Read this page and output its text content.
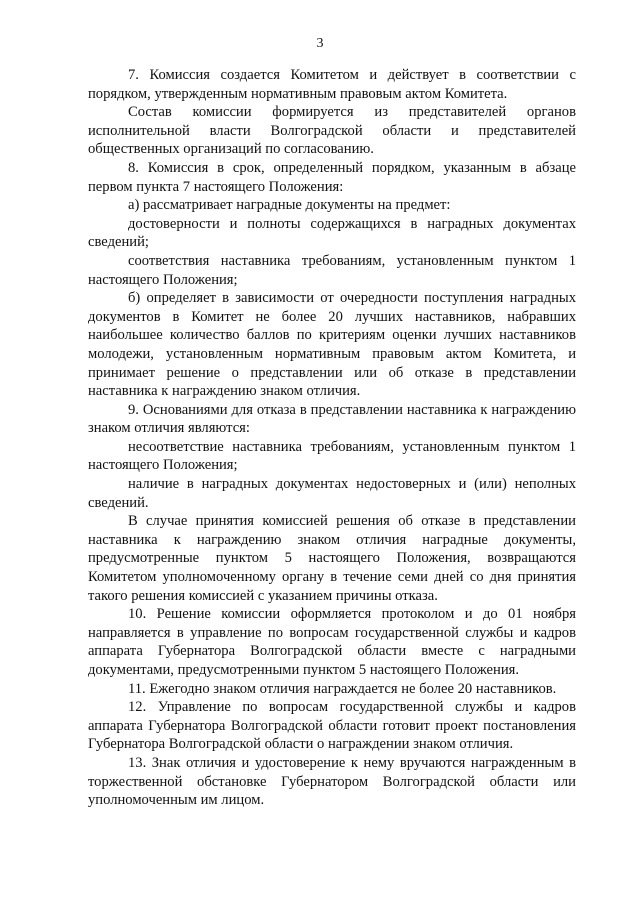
3

7. Комиссия создается Комитетом и действует в соответствии с порядком, утвержденным нормативным правовым актом Комитета.

Состав комиссии формируется из представителей органов исполнительной власти Волгоградской области и представителей общественных организаций по согласованию.

8. Комиссия в срок, определенный порядком, указанным в абзаце первом пункта 7 настоящего Положения:

а) рассматривает наградные документы на предмет:

достоверности и полноты содержащихся в наградных документах сведений;

соответствия наставника требованиям, установленным пунктом 1 настоящего Положения;

б) определяет в зависимости от очередности поступления наградных документов в Комитет не более 20 лучших наставников, набравших наибольшее количество баллов по критериям оценки лучших наставников молодежи, установленным нормативным правовым актом Комитета, и принимает решение о представлении или об отказе в представлении наставника к награждению знаком отличия.

9. Основаниями для отказа в представлении наставника к награждению знаком отличия являются:

несоответствие наставника требованиям, установленным пунктом 1 настоящего Положения;

наличие в наградных документах недостоверных и (или) неполных сведений.

В случае принятия комиссией решения об отказе в представлении наставника к награждению знаком отличия наградные документы, предусмотренные пунктом 5 настоящего Положения, возвращаются Комитетом уполномоченному органу в течение семи дней со дня принятия такого решения комиссией с указанием причины отказа.

10. Решение комиссии оформляется протоколом и до 01 ноября направляется в управление по вопросам государственной службы и кадров аппарата Губернатора Волгоградской области вместе с наградными документами, предусмотренными пунктом 5 настоящего Положения.

11. Ежегодно знаком отличия награждается не более 20 наставников.

12. Управление по вопросам государственной службы и кадров аппарата Губернатора Волгоградской области готовит проект постановления Губернатора Волгоградской области о награждении знаком отличия.

13. Знак отличия и удостоверение к нему вручаются награжденным в торжественной обстановке Губернатором Волгоградской области или уполномоченным им лицом.
